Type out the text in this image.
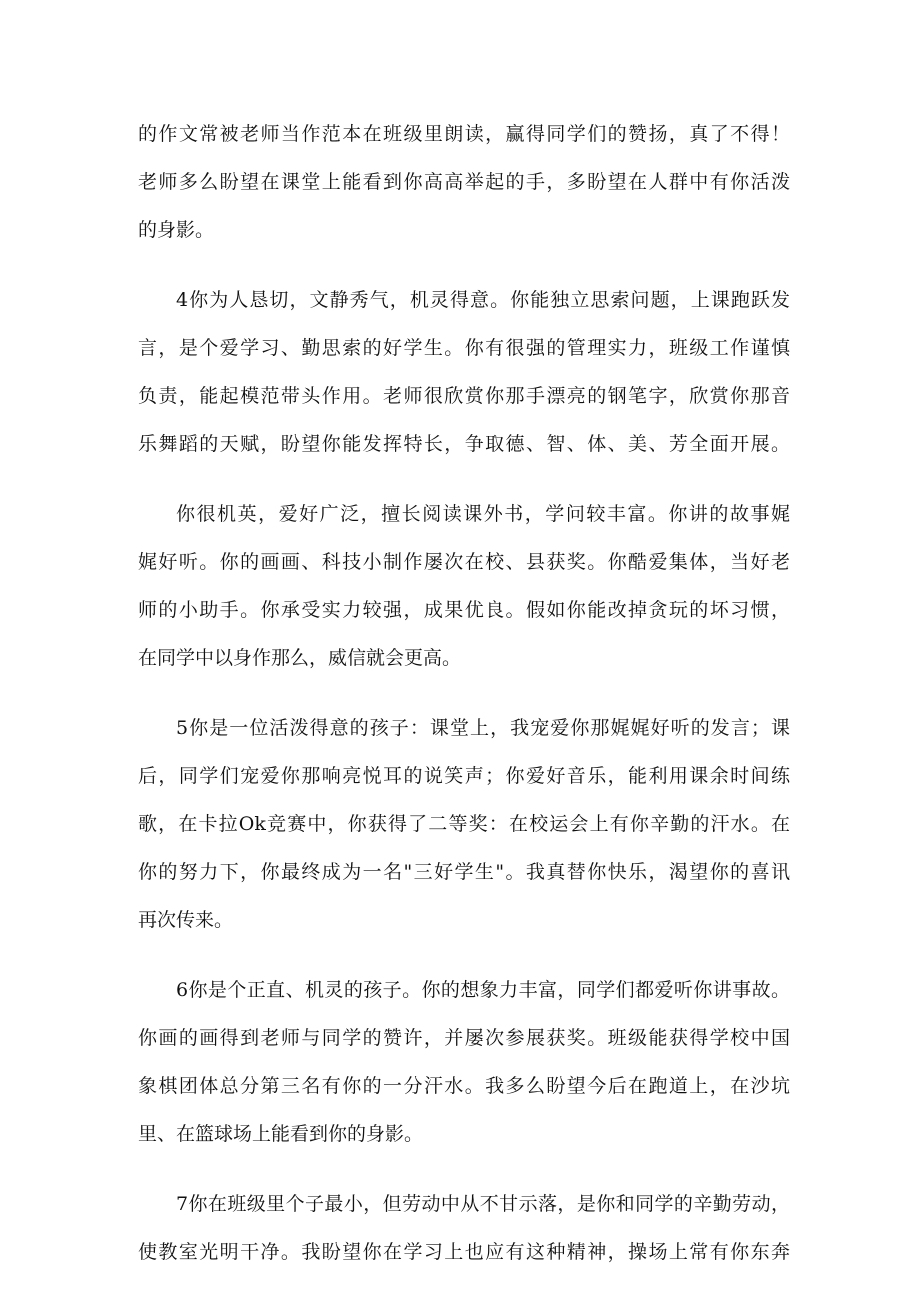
的作文常被老师当作范本在班级里朗读，赢得同学们的赞扬，真了不得！
老师多么盼望在课堂上能看到你高高举起的手，多盼望在人群中有你活泼
的身影。
4你为人恳切，文静秀气，机灵得意。你能独立思索问题，上课跑跃发
言，是个爱学习、勤思索的好学生。你有很强的管理实力，班级工作谨慎
负责，能起模范带头作用。老师很欣赏你那手漂亮的钢笔字，欣赏你那音
乐舞蹈的天赋，盼望你能发挥特长，争取德、智、体、美、芳全面开展。
你很机英，爱好广泛，擅长阅读课外书，学问较丰富。你讲的故事娓
娓好听。你的画画、科技小制作屡次在校、县获奖。你酷爱集体，当好老
师的小助手。你承受实力较强，成果优良。假如你能改掉贪玩的坏习惯，
在同学中以身作那么，威信就会更高。
5你是一位活泼得意的孩子：课堂上，我宠爱你那娓娓好听的发言；课
后，同学们宠爱你那响亮悦耳的说笑声；你爱好音乐，能利用课余时间练
歌，在卡拉Ok竞赛中，你获得了二等奖：在校运会上有你辛勤的汗水。在
你的努力下，你最终成为一名"三好学生"。我真替你快乐，渴望你的喜讯
再次传来。
6你是个正直、机灵的孩子。你的想象力丰富，同学们都爱听你讲事故。
你画的画得到老师与同学的赞许，并屡次参展获奖。班级能获得学校中国
象棋团体总分第三名有你的一分汗水。我多么盼望今后在跑道上，在沙坑
里、在篮球场上能看到你的身影。
7你在班级里个子最小，但劳动中从不甘示落，是你和同学的辛勤劳动，
使教室光明干净。我盼望你在学习上也应有这种精神，操场上常有你东奔
